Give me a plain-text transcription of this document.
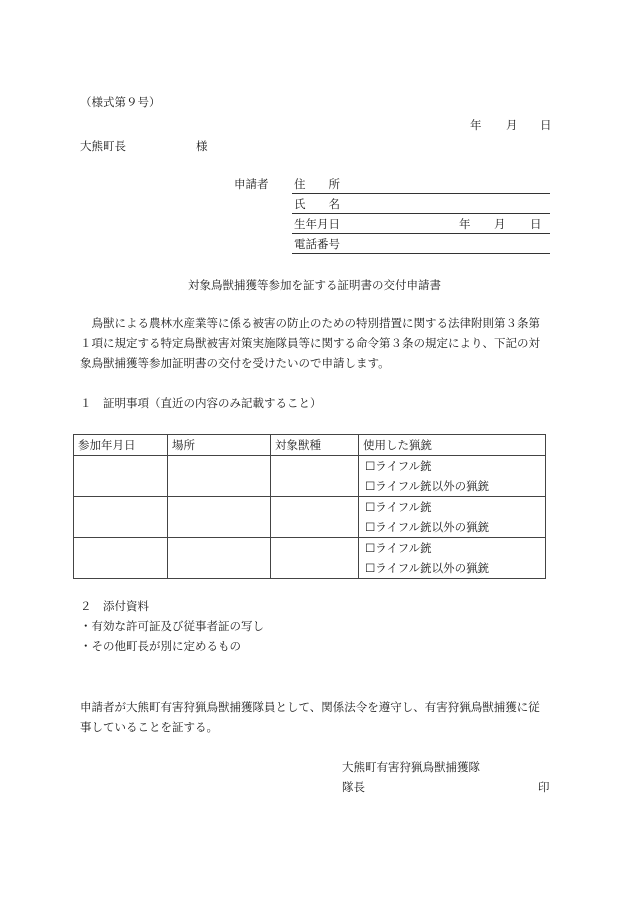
（様式第９号）
年 月 日
大熊町長	様
申請者 住　　所
氏　　名
生年月日	年 月 日
電話番号
対象鳥獣捕獲等参加を証する証明書の交付申請書
　鳥獣による農林水産業等に係る被害の防止のための特別措置に関する法律附則第３条第１項に規定する特定鳥獣被害対策実施隊員等に関する命令第３条の規定により、下記の対象鳥獣捕獲等参加証明書の交付を受けたいので申請します。
１　証明事項（直近の内容のみ記載すること）
参加年月日	場所	対象獣種	使用した猟銃

			☐ライフル銃
☐ライフル銃以外の猟銃

			☐ライフル銃
☐ライフル銃以外の猟銃

			☐ライフル銃
☐ライフル銃以外の猟銃
２　添付資料
・有効な許可証及び従事者証の写し
・その他町長が別に定めるもの
申請者が大熊町有害狩猟鳥獣捕獲隊員として、関係法令を遵守し、有害狩猟鳥獣捕獲に従事していることを証する。
大熊町有害狩猟鳥獣捕獲隊
隊長	印
